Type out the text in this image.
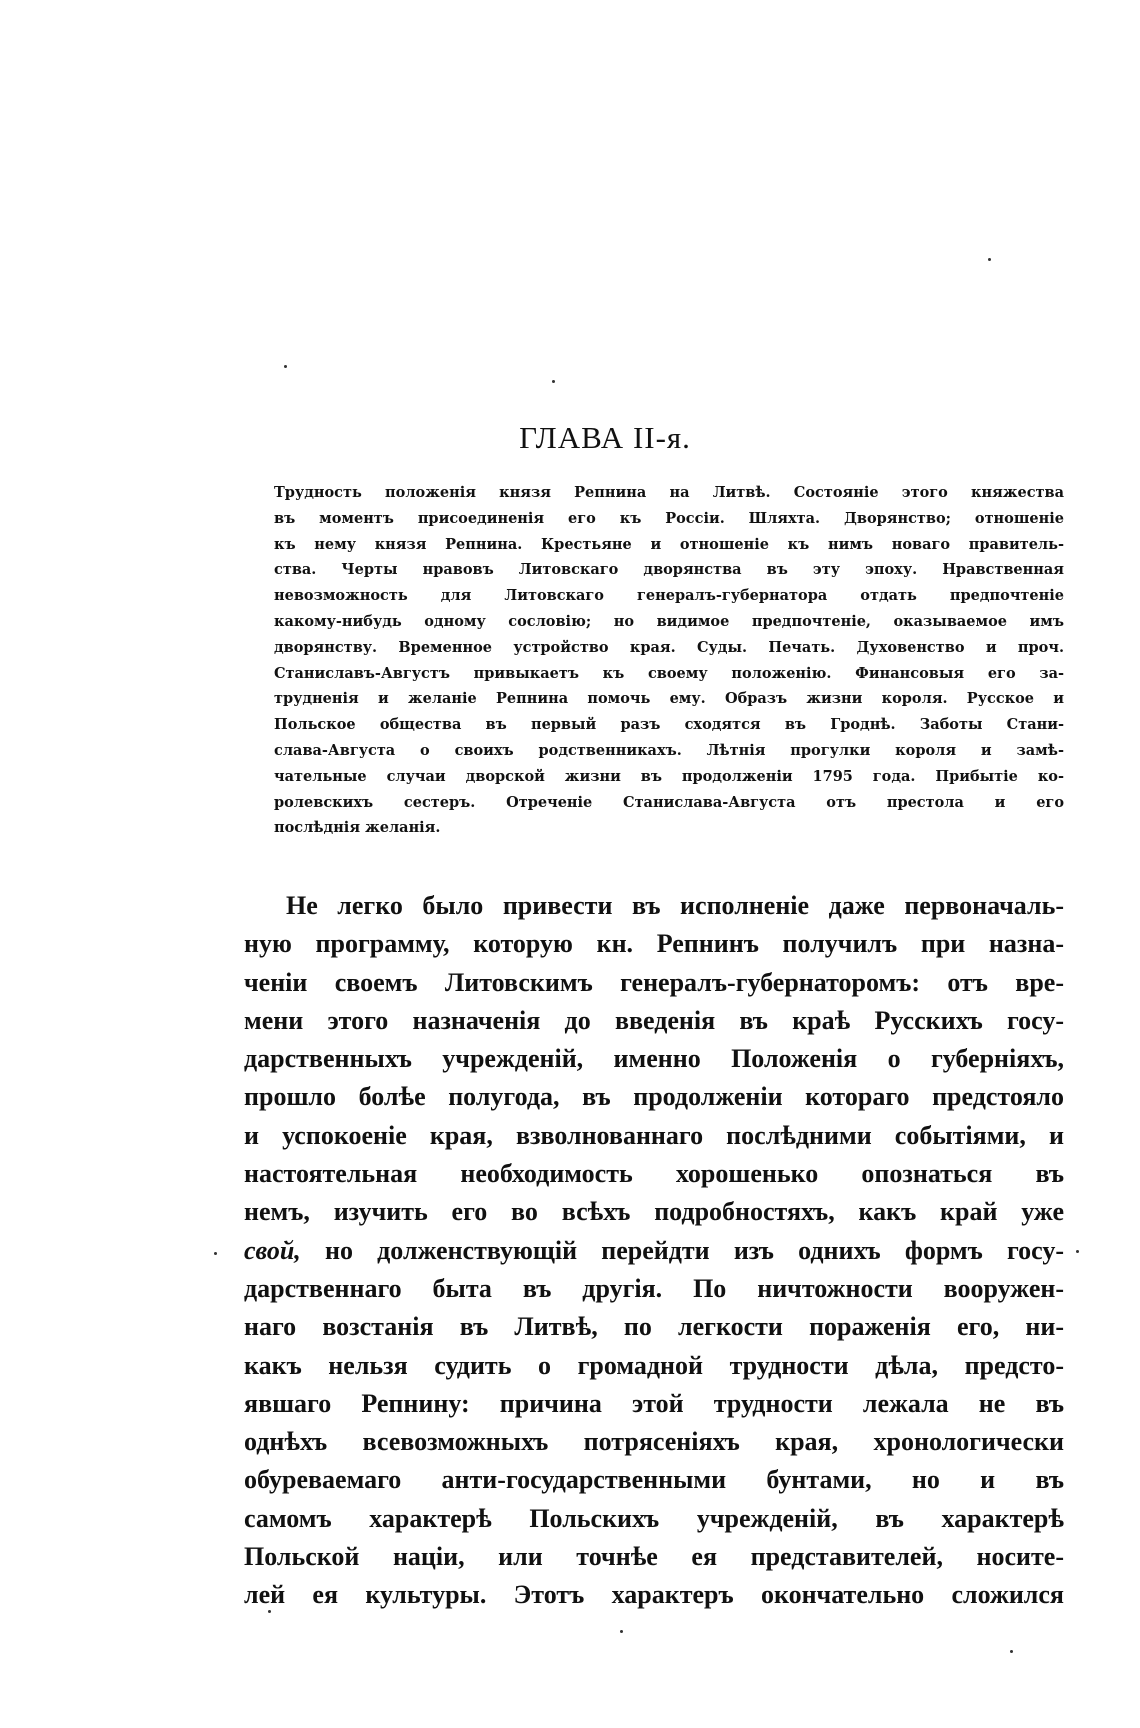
ГЛАВА II-я.
Трудность положенія князя Репнина на Литвѣ. Состояніе этого княжества
въ моментъ присоединенія его къ Россіи. Шляхта. Дворянство; отношеніе
къ нему князя Репнина. Крестьяне и отношеніе къ нимъ новаго правитель-
ства. Черты нравовъ Литовскаго дворянства въ эту эпоху. Нравственная
невозможность для Литовскаго генералъ-губернатора отдать предпочтеніе
какому-нибудь одному сословію; но видимое предпочтеніе, оказываемое имъ
дворянству. Временное устройство края. Суды. Печать. Духовенство и проч.
Станиславъ-Августъ привыкаетъ къ своему положенію. Финансовыя его за-
трудненія и желаніе Репнина помочь ему. Образъ жизни короля. Русское и
Польское общества въ первый разъ сходятся въ Гроднѣ. Заботы Стани-
слава-Августа о своихъ родственникахъ. Лѣтнія прогулки короля и замѣ-
чательные случаи дворской жизни въ продолженіи 1795 года. Прибытіе ко-
ролевскихъ сестеръ. Отреченіе Станислава-Августа отъ престола и его
послѣднія желанія.
Не легко было привести въ исполненіе даже первоначаль-
ную программу, которую кн. Репнинъ получилъ при назна-
ченіи своемъ Литовскимъ генералъ-губернаторомъ: отъ вре-
мени этого назначенія до введенія въ краѣ Русскихъ госу-
дарственныхъ учрежденій, именно Положенія о губерніяхъ,
прошло болѣе полугода, въ продолженіи котораго предстояло
и успокоеніе края, взволнованнаго послѣдними событіями, и
настоятельная необходимость хорошенько опознаться въ
немъ, изучить его во всѣхъ подробностяхъ, какъ край уже
свой, но долженствующій перейдти изъ однихъ формъ госу-
дарственнаго быта въ другія. По ничтожности вооружен-
наго возстанія въ Литвѣ, по легкости пораженія его, ни-
какъ нельзя судить о громадной трудности дѣла, предсто-
явшаго Репнину: причина этой трудности лежала не въ
однѣхъ всевозможныхъ потрясеніяхъ края, хронологически
обуреваемаго анти-государственными бунтами, но и въ
самомъ характерѣ Польскихъ учрежденій, въ характерѣ
Польской націи, или точнѣе ея представителей, носите-
лей ея культуры. Этотъ характеръ окончательно сложился
